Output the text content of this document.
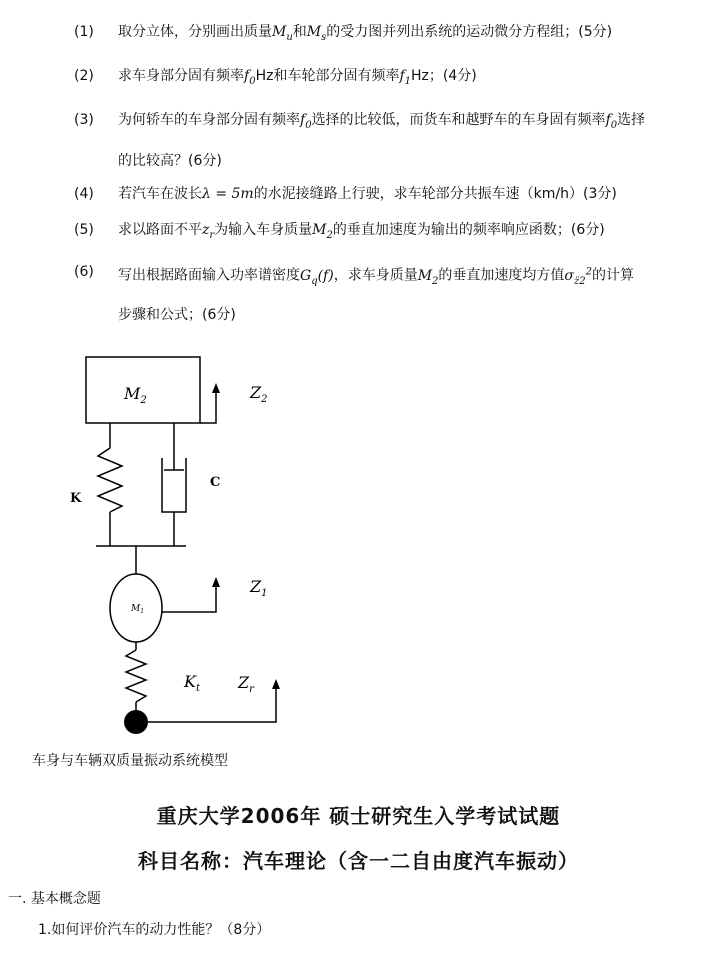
(1) 取分立体，分别画出质量$M_u$和$M_s$的受力图并列出系统的运动微分方程组；(5分)
(2) 求车身部分固有频率$f_0Hz$和车轮部分固有频率$f_1Hz$；(4分)
(3) 为何轿车的车身部分固有频率$f_0$选择的比较低，而货车和越野车的车身固有频率$f_0$选择
的比较高？(6分)
(4) 若汽车在波长λ = 5m的水泥接缝路上行驶，求车轮部分共振车速（km/h）(3分)
(5) 求以路面不平$z_r$为输入车身质量$M_2$的垂直加速度为输出的频率响应函数；(6分)
(6) 写出根据路面输入功率谱密度$G_q(f)$，求车身质量$M_2$的垂直加速度均方值$\sigma_{z̈2}^2$的计算
步骤和公式；(6分)
$M_2$	$Z_2$
K
C
$M_1$
$Z_1$
$K_t$ $Z_r$
车身与车辆双质量振动系统模型
重庆大学2006年 硕士研究生入学考试试题
科目名称：汽车理论（含一二自由度汽车振动）
一. 基本概念题
1.如何评价汽车的动力性能？（8分）
